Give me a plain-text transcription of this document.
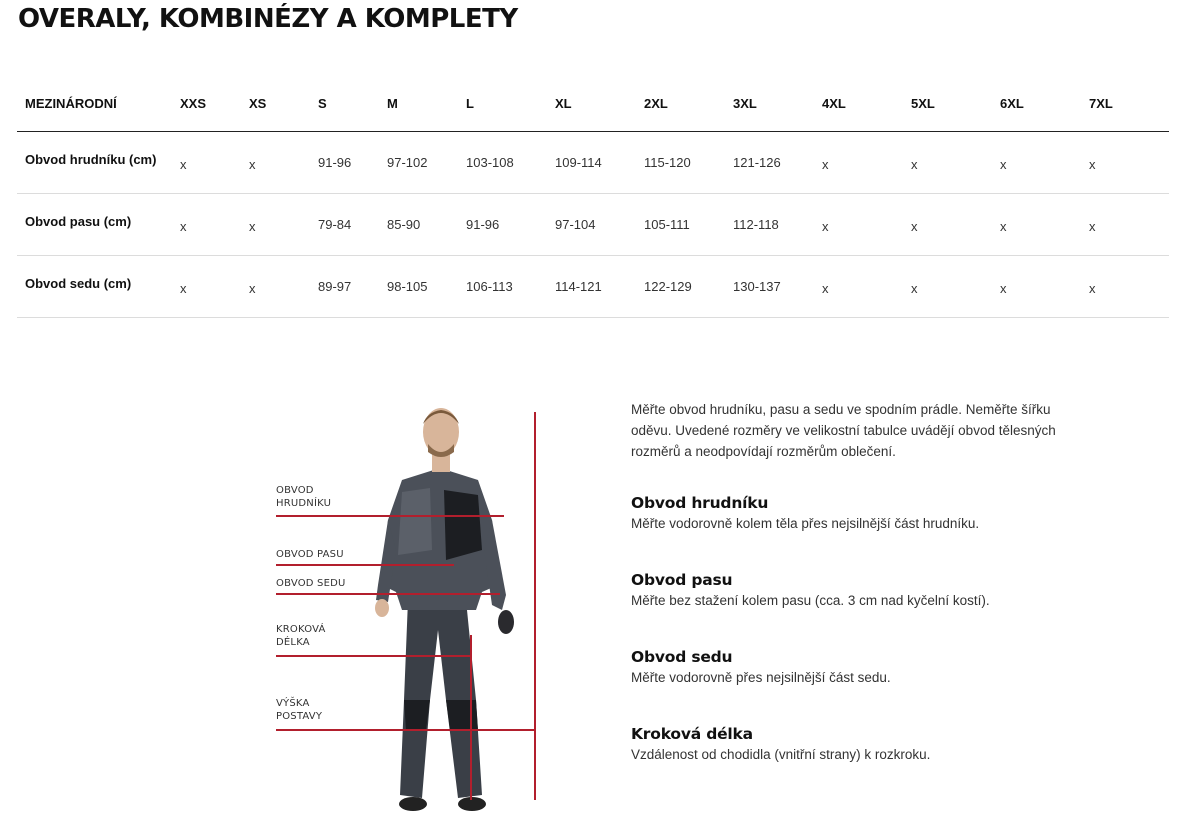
OVERALY, KOMBINÉZY A KOMPLETY
MEZINÁRODNÍ	XXS	XS	S	M	L	XL	2XL	3XL	4XL	5XL	6XL	7XL
Obvod hrudníku (cm)	x	x	91-96	97-102	103-108	109-114	115-120	121-126	x	x	x	x
Obvod pasu (cm)	x	x	79-84	85-90	91-96	97-104	105-111	112-118	x	x	x	x
Obvod sedu (cm)	x	x	89-97	98-105	106-113	114-121	122-129	130-137	x	x	x	x
OBVOD
HRUDNÍKU
OBVOD PASU
OBVOD SEDU
KROKOVÁ
DÉLKA
VÝŠKA
POSTAVY

Měřte obvod hrudníku, pasu a sedu ve spodním prádle. Neměřte šířku oděvu. Uvedené rozměry ve velikostní tabulce uvádějí obvod tělesných rozměrů a neodpovídají rozměrům oblečení.

Obvod hrudníku

Měřte vodorovně kolem těla přes nejsilnější část hrudníku.

Obvod pasu

Měřte bez stažení kolem pasu (cca. 3 cm nad kyčelní kostí).

Obvod sedu

Měřte vodorovně přes nejsilnější část sedu.

Kroková délka

Vzdálenost od chodidla (vnitřní strany) k rozkroku.
